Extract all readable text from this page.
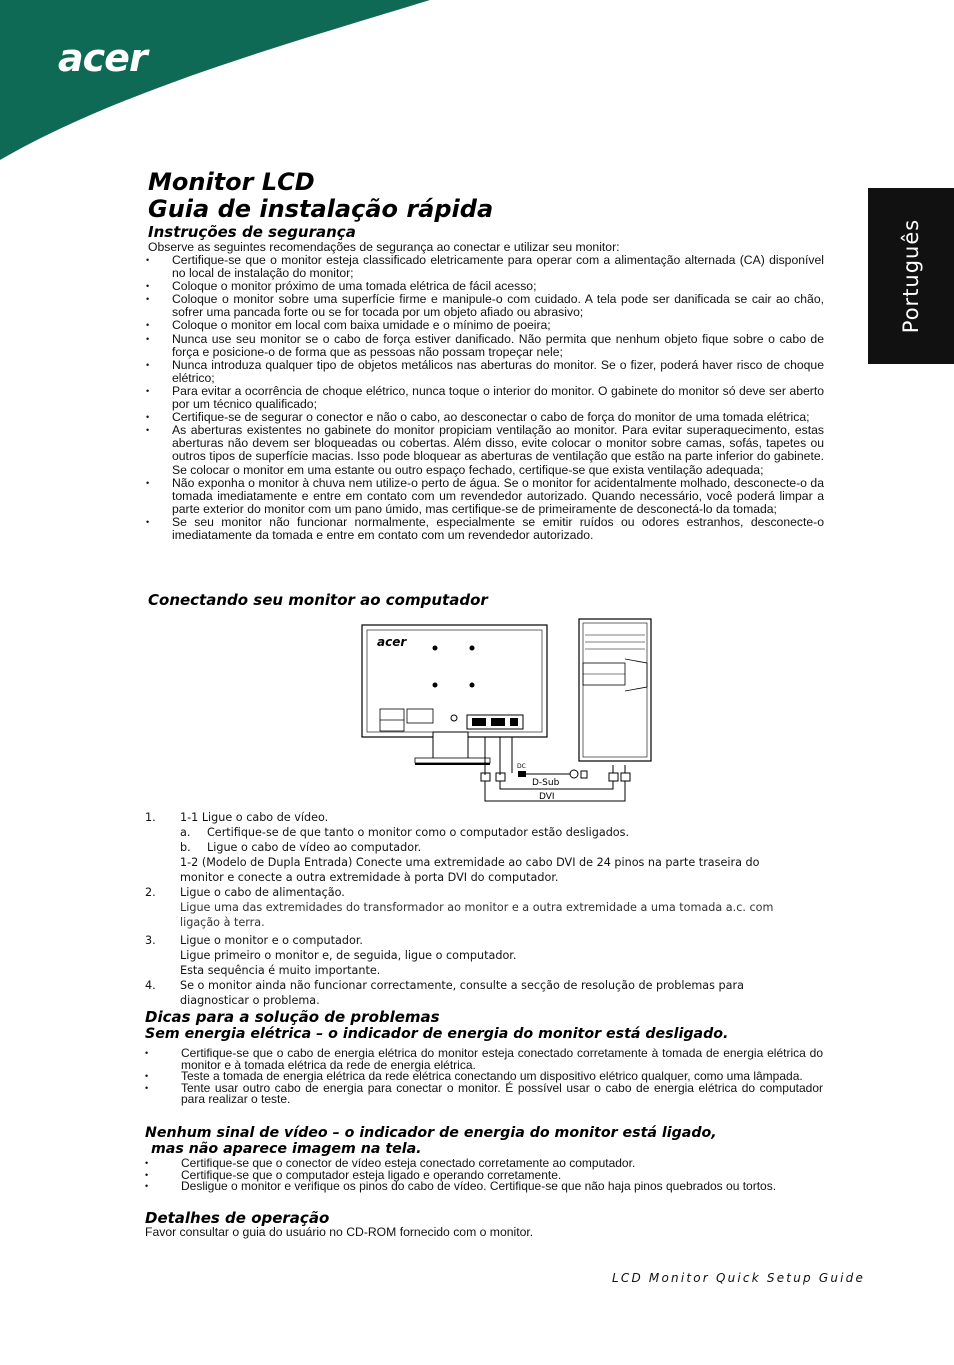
acer
Português
Monitor LCD
Guia de instalação rápida
Instruções de segurança

Observe as seguintes recomendações de segurança ao conectar e utilizar seu monitor:

• Certifique-se que o monitor esteja classificado eletricamente para operar com a alimentação alternada (CA) disponível no local de instalação do monitor;
• Coloque o monitor próximo de uma tomada elétrica de fácil acesso;
• Coloque o monitor sobre uma superfície firme e manipule-o com cuidado. A tela pode ser danificada se cair ao chão, sofrer uma pancada forte ou se for tocada por um objeto afiado ou abrasivo;
• Coloque o monitor em local com baixa umidade e o mínimo de poeira;
• Nunca use seu monitor se o cabo de força estiver danificado. Não permita que nenhum objeto fique sobre o cabo de força e posicione-o de forma que as pessoas não possam tropeçar nele;
• Nunca introduza qualquer tipo de objetos metálicos nas aberturas do monitor. Se o fizer, poderá haver risco de choque elétrico;
• Para evitar a ocorrência de choque elétrico, nunca toque o interior do monitor. O gabinete do monitor só deve ser aberto por um técnico qualificado;
• Certifique-se de segurar o conector e não o cabo, ao desconectar o cabo de força do monitor de uma tomada elétrica;
• As aberturas existentes no gabinete do monitor propiciam ventilação ao monitor. Para evitar superaquecimento, estas aberturas não devem ser bloqueadas ou cobertas. Além disso, evite colocar o monitor sobre camas, sofás, tapetes ou outros tipos de superfície macias. Isso pode bloquear as aberturas de ventilação que estão na parte inferior do gabinete. Se colocar o monitor em uma estante ou outro espaço fechado, certifique-se que exista ventilação adequada;
• Não exponha o monitor à chuva nem utilize-o perto de água. Se o monitor for acidentalmente molhado, desconecte-o da tomada imediatamente e entre em contato com um revendedor autorizado. Quando necessário, você poderá limpar a parte exterior do monitor com um pano úmido, mas certifique-se de primeiramente de desconectá-lo da tomada;
• Se seu monitor não funcionar normalmente, especialmente se emitir ruídos ou odores estranhos, desconecte-o imediatamente da tomada e entre em contato com um revendedor autorizado.
Conectando seu monitor ao computador
acer
DC
D-Sub
DVI
1. 1-1 Ligue o cabo de vídeo.
a. Certifique-se de que tanto o monitor como o computador estão desligados.
b. Ligue o cabo de vídeo ao computador.
1-2 (Modelo de Dupla Entrada) Conecte uma extremidade ao cabo DVI de 24 pinos na parte traseira do monitor e conecte a outra extremidade à porta DVI do computador.
2. Ligue o cabo de alimentação.
Ligue uma das extremidades do transformador ao monitor e a outra extremidade a uma tomada a.c. com ligação à terra.
3. Ligue o monitor e o computador.
Ligue primeiro o monitor e, de seguida, ligue o computador.
Esta sequência é muito importante.
4. Se o monitor ainda não funcionar correctamente, consulte a secção de resolução de problemas para diagnosticar o problema.
Dicas para a solução de problemas
Sem energia elétrica – o indicador de energia do monitor está desligado.
• Certifique-se que o cabo de energia elétrica do monitor esteja conectado corretamente à tomada de energia elétrica do monitor e à tomada elétrica da rede de energia elétrica.
• Teste a tomada de energia elétrica da rede elétrica conectando um dispositivo elétrico qualquer, como uma lâmpada.
• Tente usar outro cabo de energia para conectar o monitor. É possível usar o cabo de energia elétrica do computador para realizar o teste.
Nenhum sinal de vídeo – o indicador de energia do monitor está ligado,
mas não aparece imagem na tela.
• Certifique-se que o conector de vídeo esteja conectado corretamente ao computador.
• Certifique-se que o computador esteja ligado e operando corretamente.
• Desligue o monitor e verifique os pinos do cabo de vídeo. Certifique-se que não haja pinos quebrados ou tortos.
Detalhes de operação

Favor consultar o guia do usuário no CD-ROM fornecido com o monitor.

LCD Monitor Quick Setup Guide
